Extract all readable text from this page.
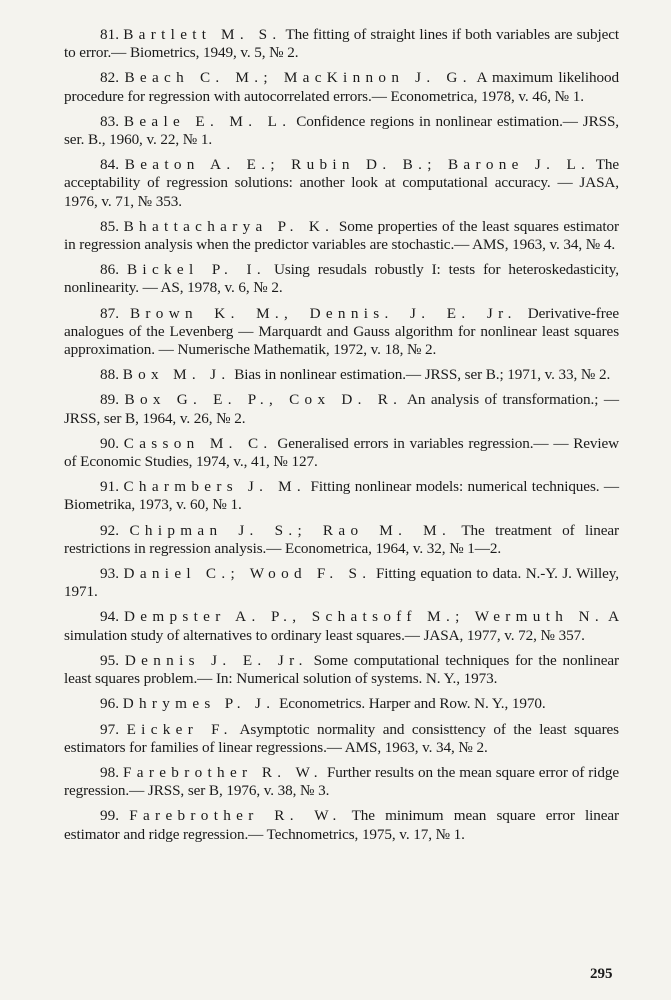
81. Bartlett M. S. The fitting of straight lines if both variables are subject to error.— Biometrics, 1949, v. 5, № 2.

82. Beach C. M.; MacKinnon J. G. A maximum likelihood procedure for regression with autocorrelated errors.— Econometrica, 1978, v. 46, № 1.

83. Beale E. M. L. Confidence regions in nonlinear estimation.— JRSS, ser. B., 1960, v. 22, № 1.

84. Beaton A. E.; Rubin D. B.; Barone J. L. The acceptability of regression solutions: another look at computational accuracy. — JASA, 1976, v. 71, № 353.

85. Bhattacharya P. K. Some properties of the least squares estimator in regression analysis when the predictor variables are stochastic.— AMS, 1963, v. 34, № 4.

86. Bickel P. I. Using resudals robustly I: tests for heteroskedasticity, nonlinearity. — AS, 1978, v. 6, № 2.

87. Brown K. M., Dennis. J. E. Jr. Derivative-free analogues of the Levenberg — Marquardt and Gauss algorithm for nonlinear least squares approximation. — Numerische Mathematik, 1972, v. 18, № 2.

88. Box M. J. Bias in nonlinear estimation.— JRSS, ser B.; 1971, v. 33, № 2.

89. Box G. E. P., Cox D. R. An analysis of transformation.; — JRSS, ser B, 1964, v. 26, № 2.

90. Casson M. C. Generalised errors in variables regression.— — Review of Economic Studies, 1974, v., 41, № 127.

91. Charmbers J. M. Fitting nonlinear models: numerical techniques. — Biometrika, 1973, v. 60, № 1.

92. Chipman J. S.; Rao M. M. The treatment of linear restrictions in regression analysis.— Econometrica, 1964, v. 32, № 1—2.

93. Daniel C.; Wood F. S. Fitting equation to data. N.-Y. J. Willey, 1971.

94. Dempster A. P., Schatsoff M.; Wermuth N. A simulation study of alternatives to ordinary least squares.— JASA, 1977, v. 72, № 357.

95. Dennis J. E. Jr. Some computational techniques for the nonlinear least squares problem.— In: Numerical solution of systems. N. Y., 1973.

96. Dhrymes P. J. Econometrics. Harper and Row. N. Y., 1970.

97. Eicker F. Asymptotic normality and consisttency of the least squares estimators for families of linear regressions.— AMS, 1963, v. 34, № 2.

98. Farebrother R. W. Further results on the mean square error of ridge regression.— JRSS, ser B, 1976, v. 38, № 3.

99. Farebrother R. W. The minimum mean square error linear estimator and ridge regression.— Technometrics, 1975, v. 17, № 1.

295
